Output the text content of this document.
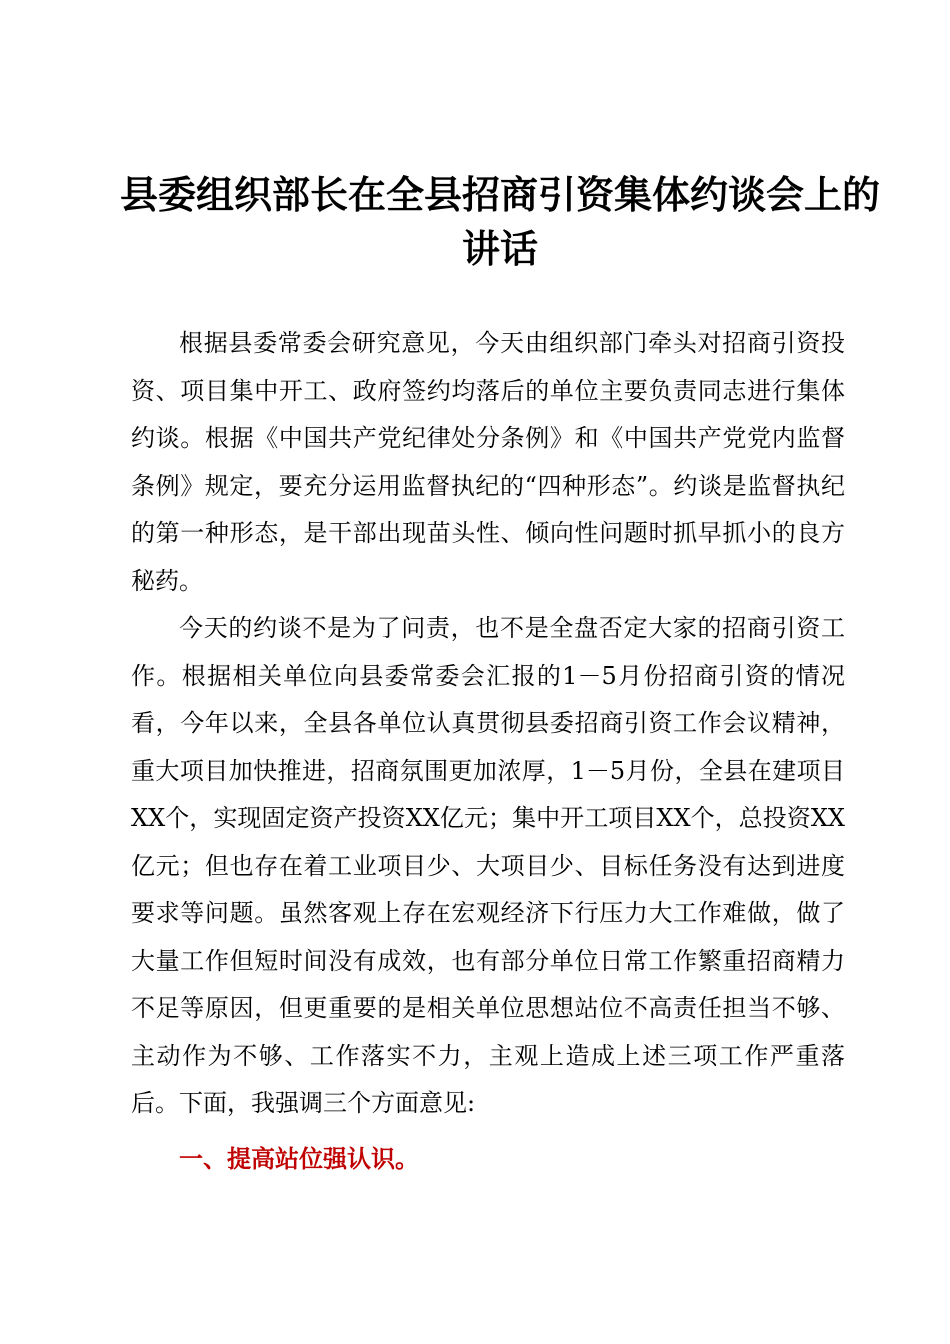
县委组织部长在全县招商引资集体约谈会上的讲话

根据县委常委会研究意见，今天由组织部门牵头对招商引资投资、项目集中开工、政府签约均落后的单位主要负责同志进行集体约谈。根据《中国共产党纪律处分条例》和《中国共产党党内监督条例》规定，要充分运用监督执纪的“四种形态”。约谈是监督执纪的第一种形态，是干部出现苗头性、倾向性问题时抓早抓小的良方秘药。

今天的约谈不是为了问责，也不是全盘否定大家的招商引资工作。根据相关单位向县委常委会汇报的1－5月份招商引资的情况看，今年以来，全县各单位认真贯彻县委招商引资工作会议精神，重大项目加快推进，招商氛围更加浓厚，1－5月份，全县在建项目XX个，实现固定资产投资XX亿元；集中开工项目XX个，总投资XX亿元；但也存在着工业项目少、大项目少、目标任务没有达到进度要求等问题。虽然客观上存在宏观经济下行压力大工作难做，做了大量工作但短时间没有成效，也有部分单位日常工作繁重招商精力不足等原因，但更重要的是相关单位思想站位不高责任担当不够、主动作为不够、工作落实不力，主观上造成上述三项工作严重落后。下面，我强调三个方面意见:

一、提高站位强认识。
